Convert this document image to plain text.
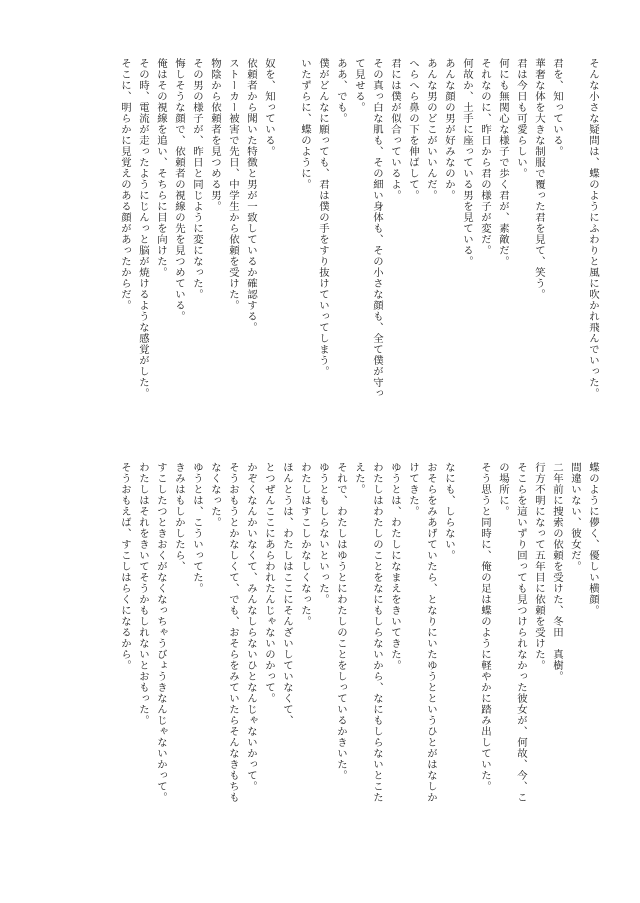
そんな小さな疑問は、蝶のようにふわりと風に吹かれ飛んでいった。
君を、知っている。
華奢な体を大きな制服で覆った君を見て、笑う。
君は今日も可愛らしい。
何にも無関心な様子で歩く君が、素敵だ。
それなのに、昨日から君の様子が変だ。
何故か、土手に座っている男を見ている。
あんな顔の男が好みなのか。
あんな男のどこがいいんだ。
へらへら鼻の下を伸ばして。
君には僕が似合っているよ。
その真っ白な肌も、その細い身体も、その小さな顔も、全て僕が守っ
て見せる。
ああ、でも。
僕がどんなに願っても、君は僕の手をすり抜けていってしまう。
いたずらに、蝶のように。
奴を、知っている。
依頼者から聞いた特徴と男が一致しているか確認する。
ストーカー被害で先日、中学生から依頼を受けた。
物陰から依頼者を見つめる男。
その男の様子が、昨日と同じように変になった。
悔しそうな顔で、依頼者の視線の先を見つめている。
俺はその視線を追い、そちらに目を向けた。
その時、電流が走ったようにじんっと脳が焼けるような感覚がした。
そこに、明らかに見覚えのある顔があったからだ。
蝶のように儚く、優しい横顔。
間違いない、彼女だ。
二年前に捜索の依頼を受けた、冬田　真樹。
行方不明になって五年目に依頼を受けた。
そこらを這いずり回っても見つけられなかった彼女が、何故、今、こ
の場所に。
そう思うと同時に、俺の足は蝶のように軽やかに踏み出していた。
なにも、しらない。
おそらをみあげていたら、となりにいたゆうとというひとがはなしか
けてきた。
ゆうとは、わたしになまえをきいてきた。
わたしはわたしのことをなにもしらないから、なにもしらないとこた
えた。
それで、わたしはゆうとにわたしのことをしっているかきいた。
ゆうともしらないといった。
わたしはすこしかなしくなった。
ほんとうは、わたしはここにそんざいしていなくて、
とつぜんここにあらわれたんじゃないのかって。
かぞくなんかいなくて、みんなしらないひとなんじゃないかって。
そうおもうとかなしくて、でも、おそらをみていたらそんなきもちも
なくなった。
ゆうとは、こういってた。
きみはもしかしたら、
すこしたつときおくがなくなっちゃうびょうきなんじゃないかって。
わたしはそれをきいてそうかもしれないとおもった。
そうおもえば、すこしはらくになるから。
